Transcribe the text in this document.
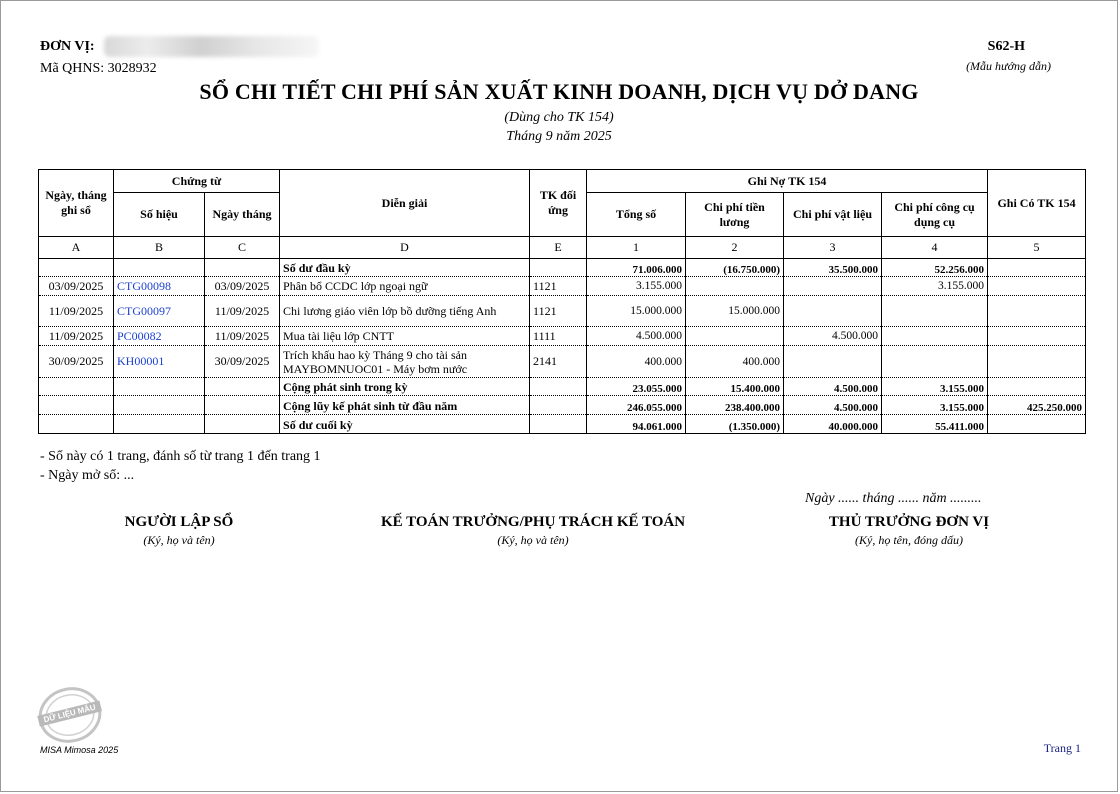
ĐƠN VỊ:
Mã QHNS: 3028932
S62-H
(Mẫu hướng dẫn)
SỔ CHI TIẾT CHI PHÍ SẢN XUẤT KINH DOANH, DỊCH VỤ DỞ DANG
(Dùng cho TK 154)
Tháng 9 năm 2025
Ngày, tháng ghi sổ	Chứng từ		Diễn giải	TK đối ứng	Ghi Nợ TK 154				Ghi Có TK 154
	Số hiệu	Ngày tháng			Tổng số	Chi phí tiền lương	Chi phí vật liệu	Chi phí công cụ dụng cụ	
A	B	C	D	E	1	2	3	4	5
			Số dư đầu kỳ		71.006.000	(16.750.000)	35.500.000	52.256.000	
03/09/2025	CTG00098	03/09/2025	Phân bổ CCDC lớp ngoại ngữ	1121	3.155.000			3.155.000	
11/09/2025	CTG00097	11/09/2025	Chi lương giáo viên lớp bồ dưỡng tiếng Anh	1121	15.000.000	15.000.000			
11/09/2025	PC00082	11/09/2025	Mua tài liệu lớp CNTT	1111	4.500.000		4.500.000		
30/09/2025	KH00001	30/09/2025	Trích khấu hao kỳ Tháng 9 cho tài sản MAYBOMNUOC01 - Máy bơm nước	2141	400.000	400.000			
			Cộng phát sinh trong kỳ		23.055.000	15.400.000	4.500.000	3.155.000	
			Cộng lũy kế phát sinh từ đầu năm		246.055.000	238.400.000	4.500.000	3.155.000	425.250.000
			Số dư cuối kỳ		94.061.000	(1.350.000)	40.000.000	55.411.000	
- Sổ này có 1 trang, đánh số từ trang 1 đến trang 1
- Ngày mở sổ: ...
Ngày ...... tháng ...... năm .........
NGƯỜI LẬP SỔ
(Ký, họ và tên)
KẾ TOÁN TRƯỞNG/PHỤ TRÁCH KẾ TOÁN
(Ký, họ và tên)
THỦ TRƯỞNG ĐƠN VỊ
(Ký, họ tên, đóng dấu)
DỮ LIỆU MẪU
MISA Mimosa 2025	Trang 1
